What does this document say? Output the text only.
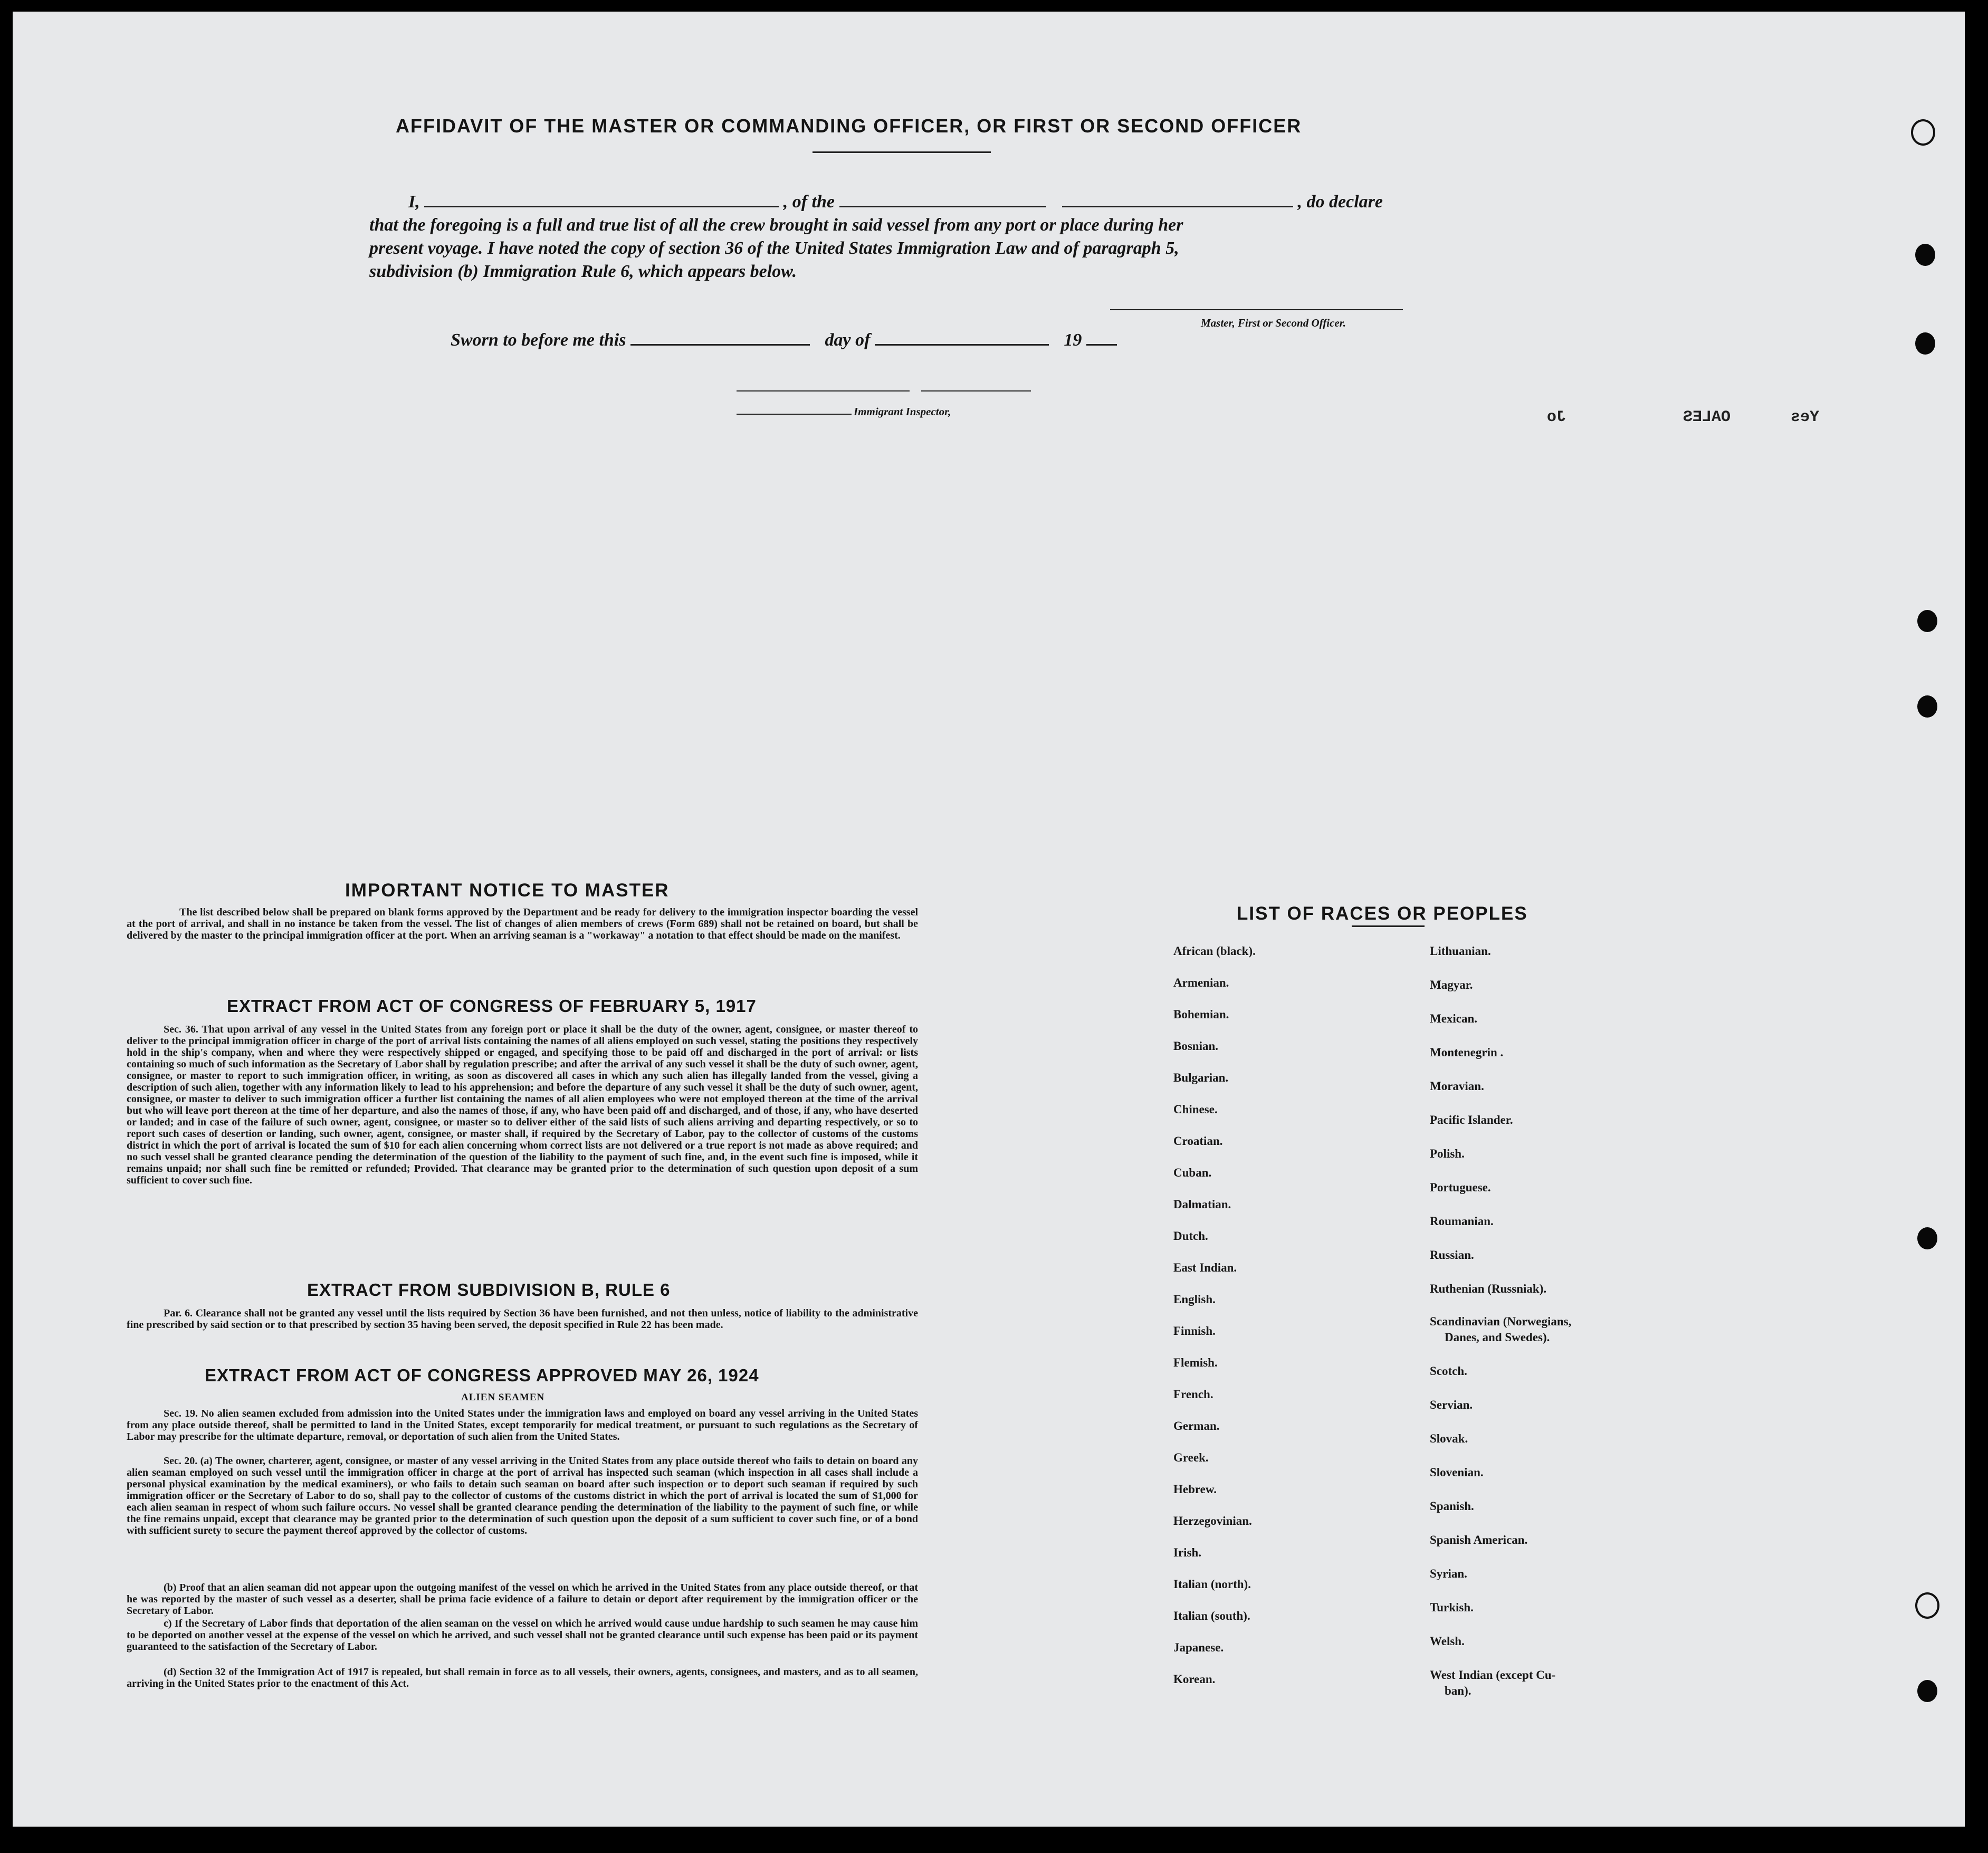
AFFIDAVIT OF THE MASTER OR COMMANDING OFFICER, OR FIRST OR SECOND OFFICER
I,	, of the	, do declare
that the foregoing is a full and true list of all the crew brought in said vessel from any port or place during her
present voyage. I have noted the copy of section 36 of the United States Immigration Law and of paragraph 5,
subdivision (b) Immigration Rule 6, which appears below.
Master, First or Second Officer.
Sworn to before me this	day of	19
Immigrant Inspector,	Yes
OALES
Jo
IMPORTANT NOTICE TO MASTER
The list described below shall be prepared on blank forms approved by the Department and be ready for delivery to the immigration inspector boarding the vessel at the port of arrival, and shall in no instance be taken from the vessel. The list of changes of alien members of crews (Form 689) shall not be retained on board, but shall be delivered by the master to the principal immigration officer at the port. When an arriving seaman is a "workaway" a notation to that effect should be made on the manifest.
EXTRACT FROM ACT OF CONGRESS OF FEBRUARY 5, 1917
Sec. 36. That upon arrival of any vessel in the United States from any foreign port or place it shall be the duty of the owner, agent, consignee, or master thereof to deliver to the principal immigration officer in charge of the port of arrival lists containing the names of all aliens employed on such vessel, stating the positions they respectively hold in the ship's company, when and where they were respectively shipped or engaged, and specifying those to be paid off and discharged in the port of arrival: or lists containing so much of such information as the Secretary of Labor shall by regulation prescribe; and after the arrival of any such vessel it shall be the duty of such owner, agent, consignee, or master to report to such immigration officer, in writing, as soon as discovered all cases in which any such alien has illegally landed from the vessel, giving a description of such alien, together with any information likely to lead to his apprehension; and before the departure of any such vessel it shall be the duty of such owner, agent, consignee, or master to deliver to such immigration officer a further list containing the names of all alien employees who were not employed thereon at the time of the arrival but who will leave port thereon at the time of her departure, and also the names of those, if any, who have been paid off and discharged, and of those, if any, who have deserted or landed; and in case of the failure of such owner, agent, consignee, or master so to deliver either of the said lists of such aliens arriving and departing respectively, or so to report such cases of desertion or landing, such owner, agent, consignee, or master shall, if required by the Secretary of Labor, pay to the collector of customs of the customs district in which the port of arrival is located the sum of $10 for each alien concerning whom correct lists are not delivered or a true report is not made as above required; and no such vessel shall be granted clearance pending the determination of the question of the liability to the payment of such fine, and, in the event such fine is imposed, while it remains unpaid; nor shall such fine be remitted or refunded; Provided. That clearance may be granted prior to the determination of such question upon deposit of a sum sufficient to cover such fine.
EXTRACT FROM SUBDIVISION B, RULE 6
Par. 6. Clearance shall not be granted any vessel until the lists required by Section 36 have been furnished, and not then unless, notice of liability to the administrative fine prescribed by said section or to that prescribed by section 35 having been served, the deposit specified in Rule 22 has been made.
EXTRACT FROM ACT OF CONGRESS APPROVED MAY 26, 1924
ALIEN SEAMEN
Sec. 19. No alien seamen excluded from admission into the United States under the immigration laws and employed on board any vessel arriving in the United States from any place outside thereof, shall be permitted to land in the United States, except temporarily for medical treatment, or pursuant to such regulations as the Secretary of Labor may prescribe for the ultimate departure, removal, or deportation of such alien from the United States.
Sec. 20. (a) The owner, charterer, agent, consignee, or master of any vessel arriving in the United States from any place outside thereof who fails to detain on board any alien seaman employed on such vessel until the immigration officer in charge at the port of arrival has inspected such seaman (which inspection in all cases shall include a personal physical examination by the medical examiners), or who fails to detain such seaman on board after such inspection or to deport such seaman if required by such immigration officer or the Secretary of Labor to do so, shall pay to the collector of customs of the customs district in which the port of arrival is located the sum of $1,000 for each alien seaman in respect of whom such failure occurs. No vessel shall be granted clearance pending the determination of the liability to the payment of such fine, or while the fine remains unpaid, except that clearance may be granted prior to the determination of such question upon the deposit of a sum sufficient to cover such fine, or of a bond with sufficient surety to secure the payment thereof approved by the collector of customs.
(b) Proof that an alien seaman did not appear upon the outgoing manifest of the vessel on which he arrived in the United States from any place outside thereof, or that he was reported by the master of such vessel as a deserter, shall be prima facie evidence of a failure to detain or deport after requirement by the immigration officer or the Secretary of Labor.
c) If the Secretary of Labor finds that deportation of the alien seaman on the vessel on which he arrived would cause undue hardship to such seamen he may cause him to be deported on another vessel at the expense of the vessel on which he arrived, and such vessel shall not be granted clearance until such expense has been paid or its payment guaranteed to the satisfaction of the Secretary of Labor.
(d) Section 32 of the Immigration Act of 1917 is repealed, but shall remain in force as to all vessels, their owners, agents, consignees, and masters, and as to all seamen, arriving in the United States prior to the enactment of this Act.
LIST OF RACES OR PEOPLES
African (black).
Armenian.
Bohemian.
Bosnian.
Bulgarian.
Chinese.
Croatian.
Cuban.
Dalmatian.
Dutch.
East Indian.
English.
Finnish.
Flemish.
French.
German.
Greek.
Hebrew.
Herzegovinian.
Irish.
Italian (north).
Italian (south).
Japanese.
Korean.
Lithuanian.
Magyar.
Mexican.
Montenegrin .
Moravian.
Pacific Islander.
Polish.
Portuguese.
Roumanian.
Russian.
Ruthenian (Russniak).
Scandinavian (Norwegians,
Danes, and Swedes).
Scotch.
Servian.
Slovak.
Slovenian.
Spanish.
Spanish American.
Syrian.
Turkish.
Welsh.
West Indian (except Cu-
ban).
